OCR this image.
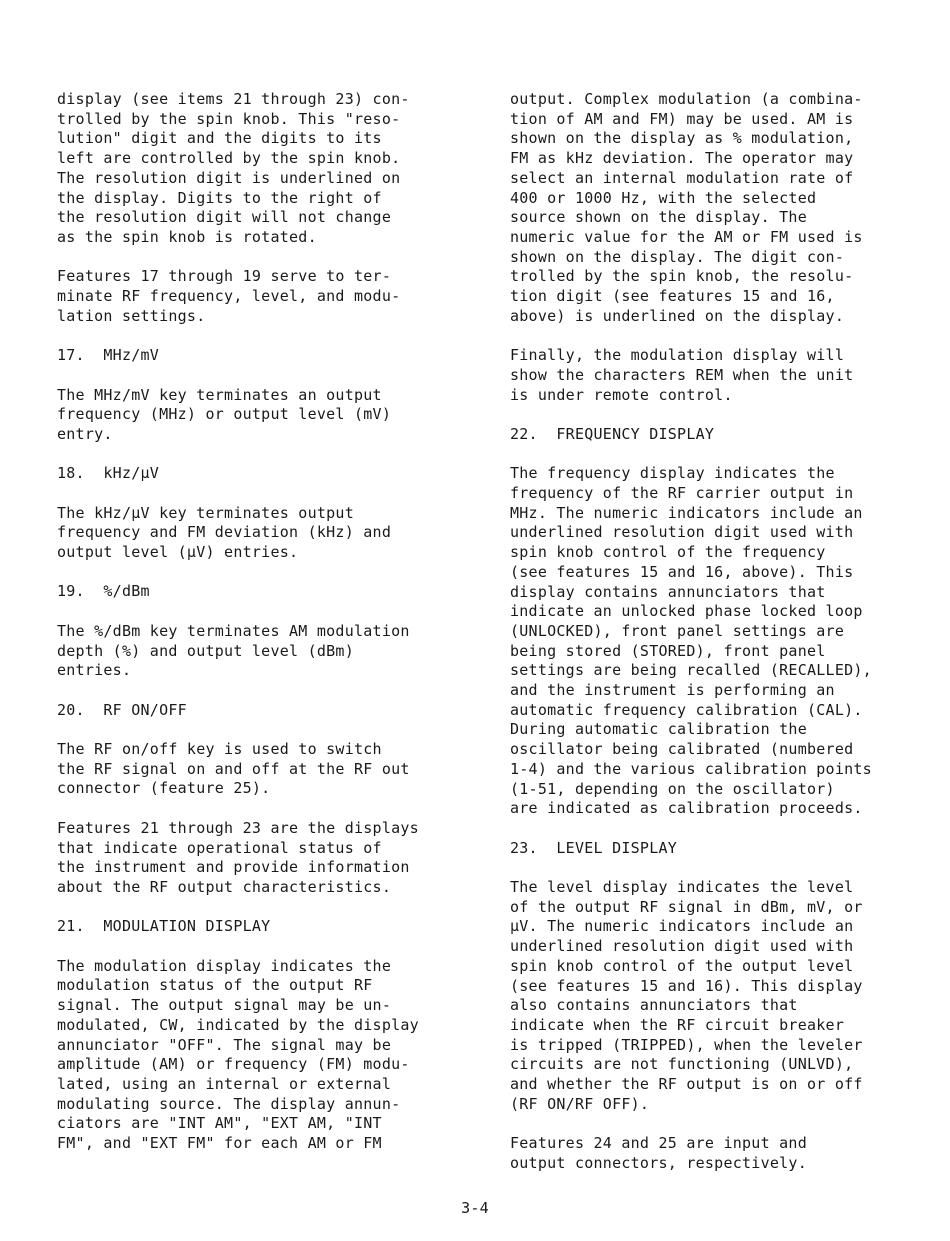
display (see items 21 through 23) con-
trolled by the spin knob. This "reso-
lution" digit and the digits to its
left are controlled by the spin knob.
The resolution digit is underlined on
the display. Digits to the right of
the resolution digit will not change
as the spin knob is rotated.

Features 17 through 19 serve to ter-
minate RF frequency, level, and modu-
lation settings.

17.  MHz/mV

The MHz/mV key terminates an output
frequency (MHz) or output level (mV)
entry.

18.  kHz/µV

The kHz/µV key terminates output
frequency and FM deviation (kHz) and
output level (µV) entries.

19.  %/dBm

The %/dBm key terminates AM modulation
depth (%) and output level (dBm)
entries.

20.  RF ON/OFF

The RF on/off key is used to switch
the RF signal on and off at the RF out
connector (feature 25).

Features 21 through 23 are the displays
that indicate operational status of
the instrument and provide information
about the RF output characteristics.

21.  MODULATION DISPLAY

The modulation display indicates the
modulation status of the output RF
signal. The output signal may be un-
modulated, CW, indicated by the display
annunciator "OFF". The signal may be
amplitude (AM) or frequency (FM) modu-
lated, using an internal or external
modulating source. The display annun-
ciators are "INT AM", "EXT AM, "INT
FM", and "EXT FM" for each AM or FM

output. Complex modulation (a combina-
tion of AM and FM) may be used. AM is
shown on the display as % modulation,
FM as kHz deviation. The operator may
select an internal modulation rate of
400 or 1000 Hz, with the selected
source shown on the display. The
numeric value for the AM or FM used is
shown on the display. The digit con-
trolled by the spin knob, the resolu-
tion digit (see features 15 and 16,
above) is underlined on the display.

Finally, the modulation display will
show the characters REM when the unit
is under remote control.

22.  FREQUENCY DISPLAY

The frequency display indicates the
frequency of the RF carrier output in
MHz. The numeric indicators include an
underlined resolution digit used with
spin knob control of the frequency
(see features 15 and 16, above). This
display contains annunciators that
indicate an unlocked phase locked loop
(UNLOCKED), front panel settings are
being stored (STORED), front panel
settings are being recalled (RECALLED),
and the instrument is performing an
automatic frequency calibration (CAL).
During automatic calibration the
oscillator being calibrated (numbered
1-4) and the various calibration points
(1-51, depending on the oscillator)
are indicated as calibration proceeds.

23.  LEVEL DISPLAY

The level display indicates the level
of the output RF signal in dBm, mV, or
µV. The numeric indicators include an
underlined resolution digit used with
spin knob control of the output level
(see features 15 and 16). This display
also contains annunciators that
indicate when the RF circuit breaker
is tripped (TRIPPED), when the leveler
circuits are not functioning (UNLVD),
and whether the RF output is on or off
(RF ON/RF OFF).

Features 24 and 25 are input and
output connectors, respectively.

3-4
